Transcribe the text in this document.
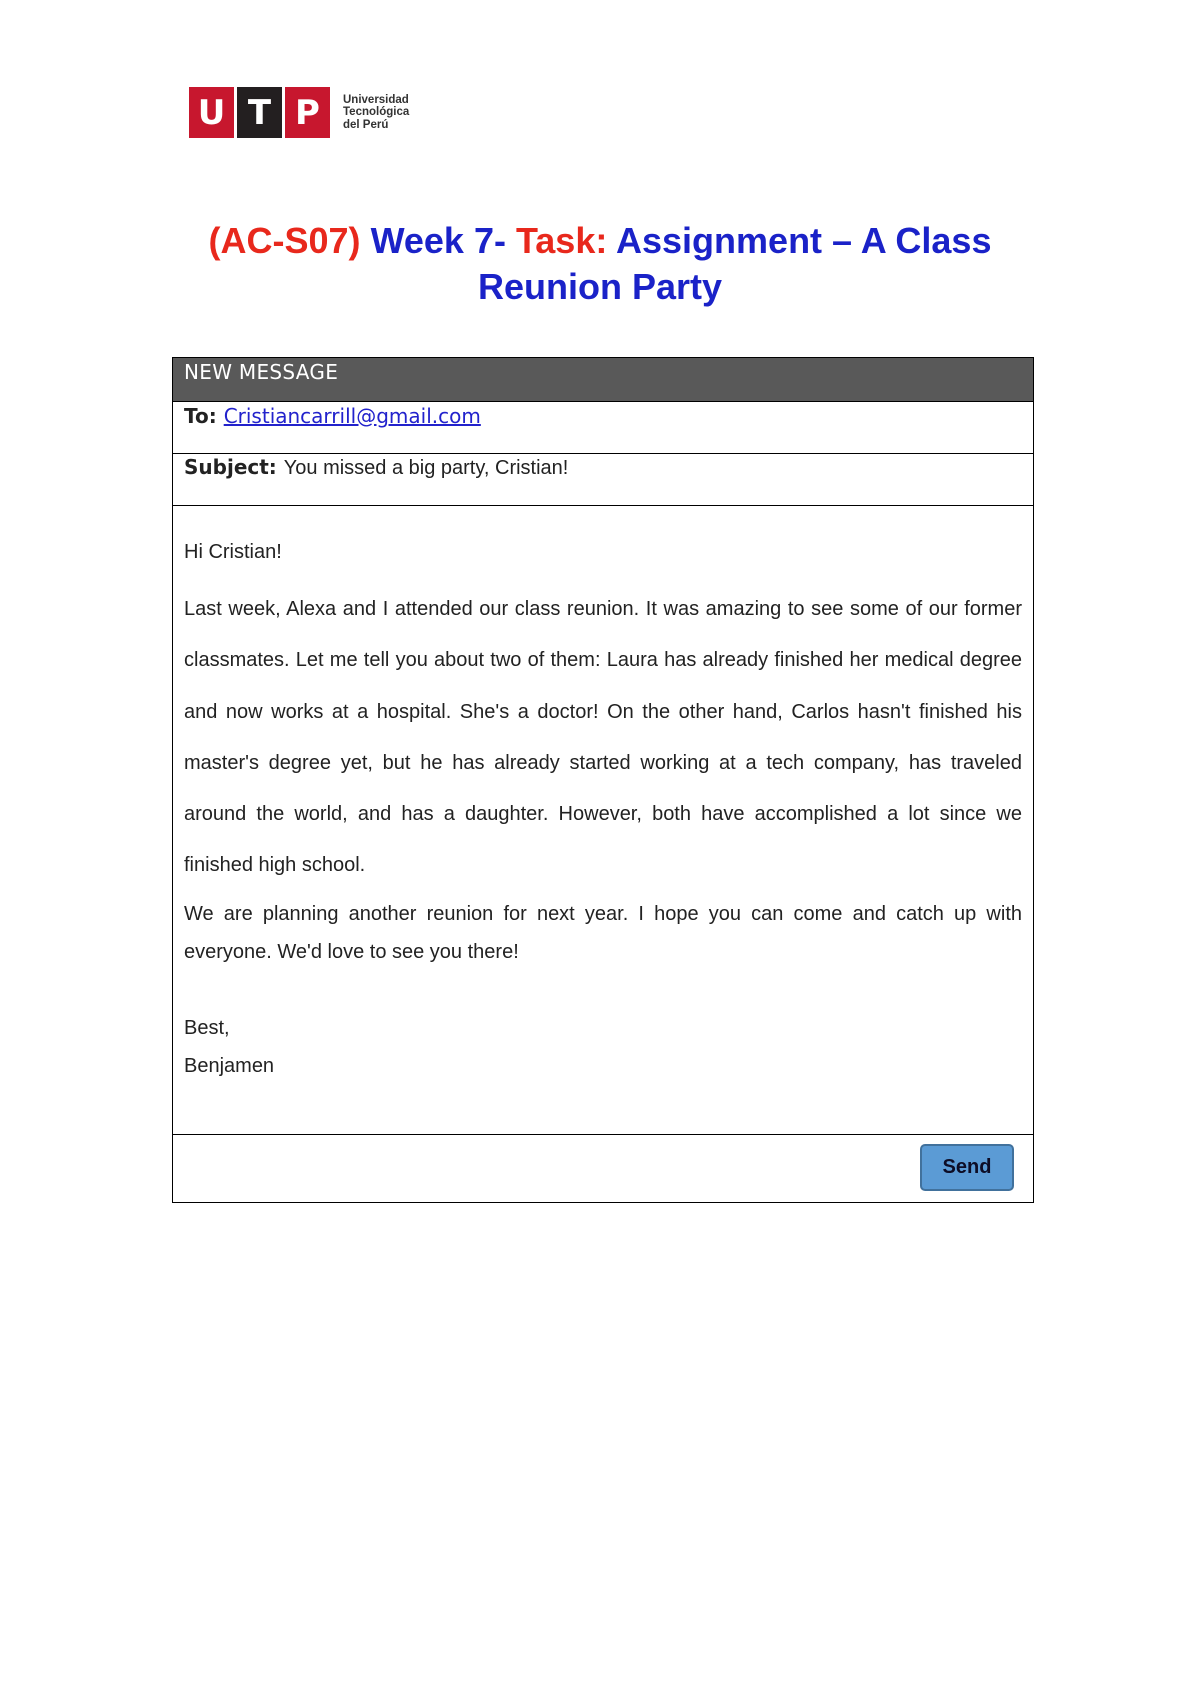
U T P	Universidad
Tecnológica
del Perú
(AC-S07) Week 7- Task: Assignment – A Class Reunion Party
NEW MESSAGE
To: Cristiancarrill@gmail.com
Subject: You missed a big party, Cristian!
Hi Cristian!
Last week, Alexa and I attended our class reunion. It was amazing to see some of our former classmates. Let me tell you about two of them: Laura has already finished her medical degree and now works at a hospital. She's a doctor! On the other hand, Carlos hasn't finished his master's degree yet, but he has already started working at a tech company, has traveled around the world, and has a daughter. However, both have accomplished a lot since we finished high school.
We are planning another reunion for next year. I hope you can come and catch up with everyone. We'd love to see you there!
Best,
Benjamen
Send
